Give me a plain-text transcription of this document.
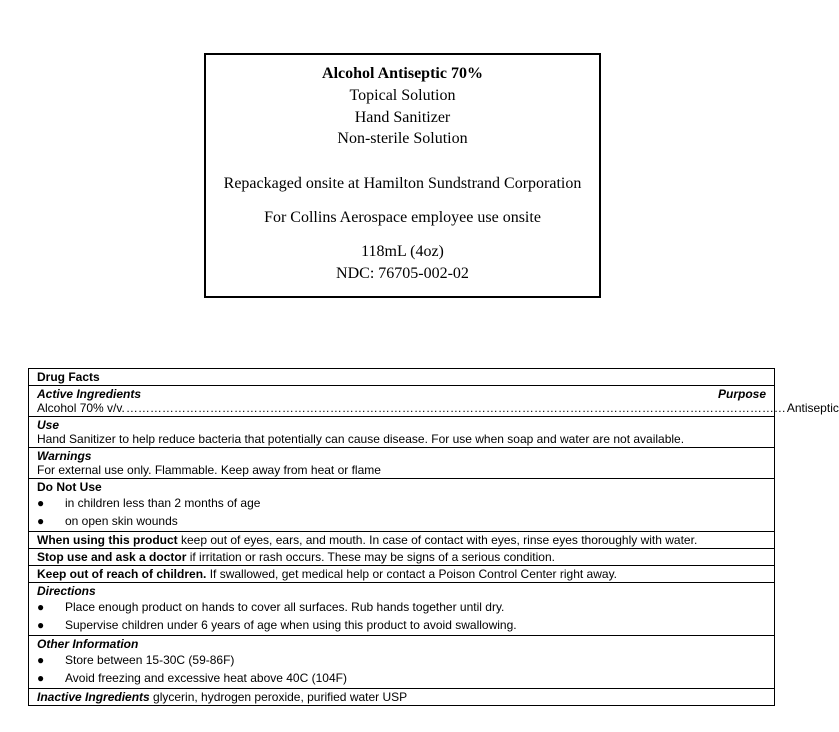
Alcohol Antiseptic 70%
Topical Solution
Hand Sanitizer
Non-sterile Solution
Repackaged onsite at Hamilton Sundstrand Corporation
For Collins Aerospace employee use onsite
118mL (4oz)
NDC: 76705-002-02
Drug Facts
Active Ingredients	Purpose
Alcohol 70% v/v. ………………………………………………………………………………………………………………………………………………… Antiseptic
Use
Hand Sanitizer to help reduce bacteria that potentially can cause disease. For use when soap and water are not available.
Warnings
For external use only. Flammable. Keep away from heat or flame
Do Not Use
●	in children less than 2 months of age
●	on open skin wounds
When using this product keep out of eyes, ears, and mouth. In case of contact with eyes, rinse eyes thoroughly with water.
Stop use and ask a doctor if irritation or rash occurs. These may be signs of a serious condition.
Keep out of reach of children. If swallowed, get medical help or contact a Poison Control Center right away.
Directions
●	Place enough product on hands to cover all surfaces. Rub hands together until dry.
●	Supervise children under 6 years of age when using this product to avoid swallowing.
Other Information
●	Store between 15-30C (59-86F)
●	Avoid freezing and excessive heat above 40C (104F)
Inactive Ingredients glycerin, hydrogen peroxide, purified water USP
